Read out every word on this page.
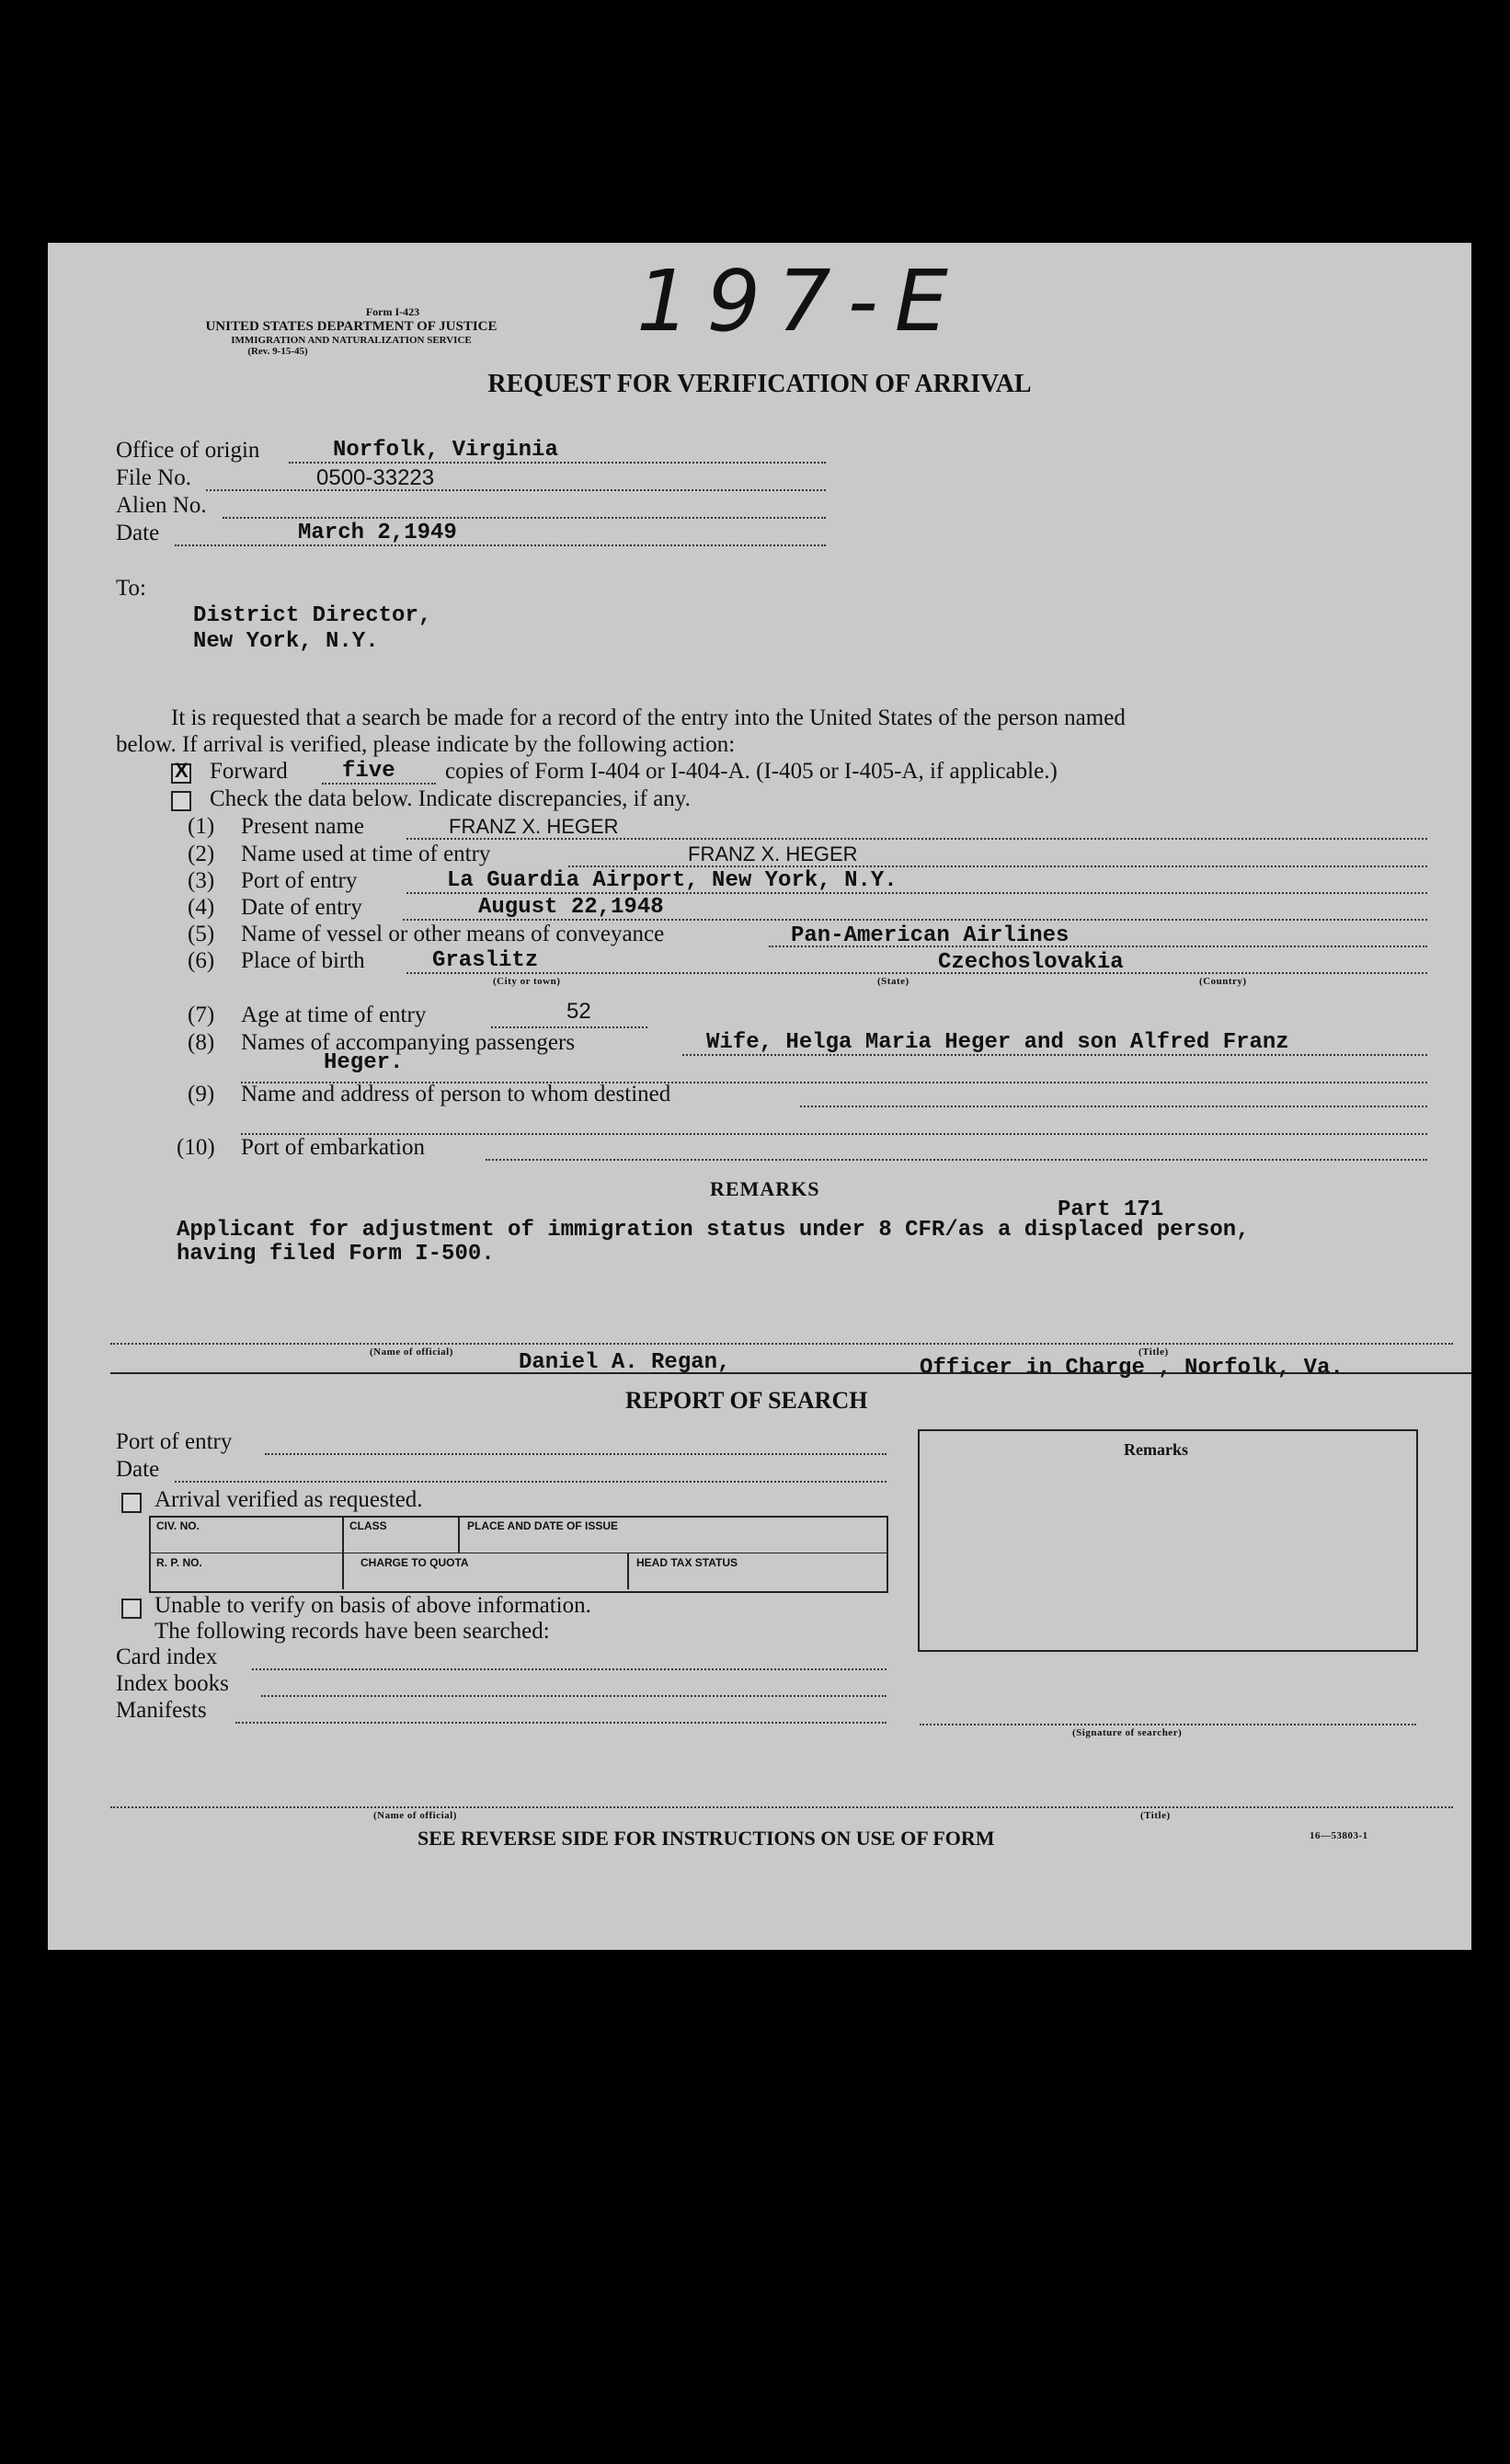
197-E
Form I-423
UNITED STATES DEPARTMENT OF JUSTICE
IMMIGRATION AND NATURALIZATION SERVICE
(Rev. 9-15-45)
REQUEST FOR VERIFICATION OF ARRIVAL
Office of origin	Norfolk, Virginia
File No.	0500-33223
Alien No.
Date	March 2,1949
To:
District Director,
New York, N.Y.
It is requested that a search be made for a record of the entry into the United States of the person named
below. If arrival is verified, please indicate by the following action:
X Forward five copies of Form I-404 or I-404-A. (I-405 or I-405-A, if applicable.)
Check the data below. Indicate discrepancies, if any.
(1) Present name	FRANZ X. HEGER
(2) Name used at time of entry	FRANZ X. HEGER
(3) Port of entry	La Guardia Airport, New York, N.Y.
(4) Date of entry	August 22,1948
(5) Name of vessel or other means of conveyance	Pan-American Airlines
(6) Place of birth	Graslitz	Czechoslovakia
(City or town)	(State)	(Country)
(7) Age at time of entry	52
(8) Names of accompanying passengers	Wife, Helga Maria Heger and son Alfred Franz
Heger.
(9) Name and address of person to whom destined
(10) Port of embarkation
REMARKS
Part 171
Applicant for adjustment of immigration status under 8 CFR/as a displaced person,
having filed Form I-500.
(Name of official)	Daniel A. Regan,	(Title)
Officer in Charge , Norfolk, Va.
REPORT OF SEARCH
Port of entry
Date
Arrival verified as requested.
CIV. NO.	CLASS	PLACE AND DATE OF ISSUE
R. P. NO.	CHARGE TO QUOTA	HEAD TAX STATUS
Unable to verify on basis of above information.
The following records have been searched:
Card index
Index books
Manifests
Remarks
(Signature of searcher)
(Name of official)	(Title)
SEE REVERSE SIDE FOR INSTRUCTIONS ON USE OF FORM	16—53803-1
